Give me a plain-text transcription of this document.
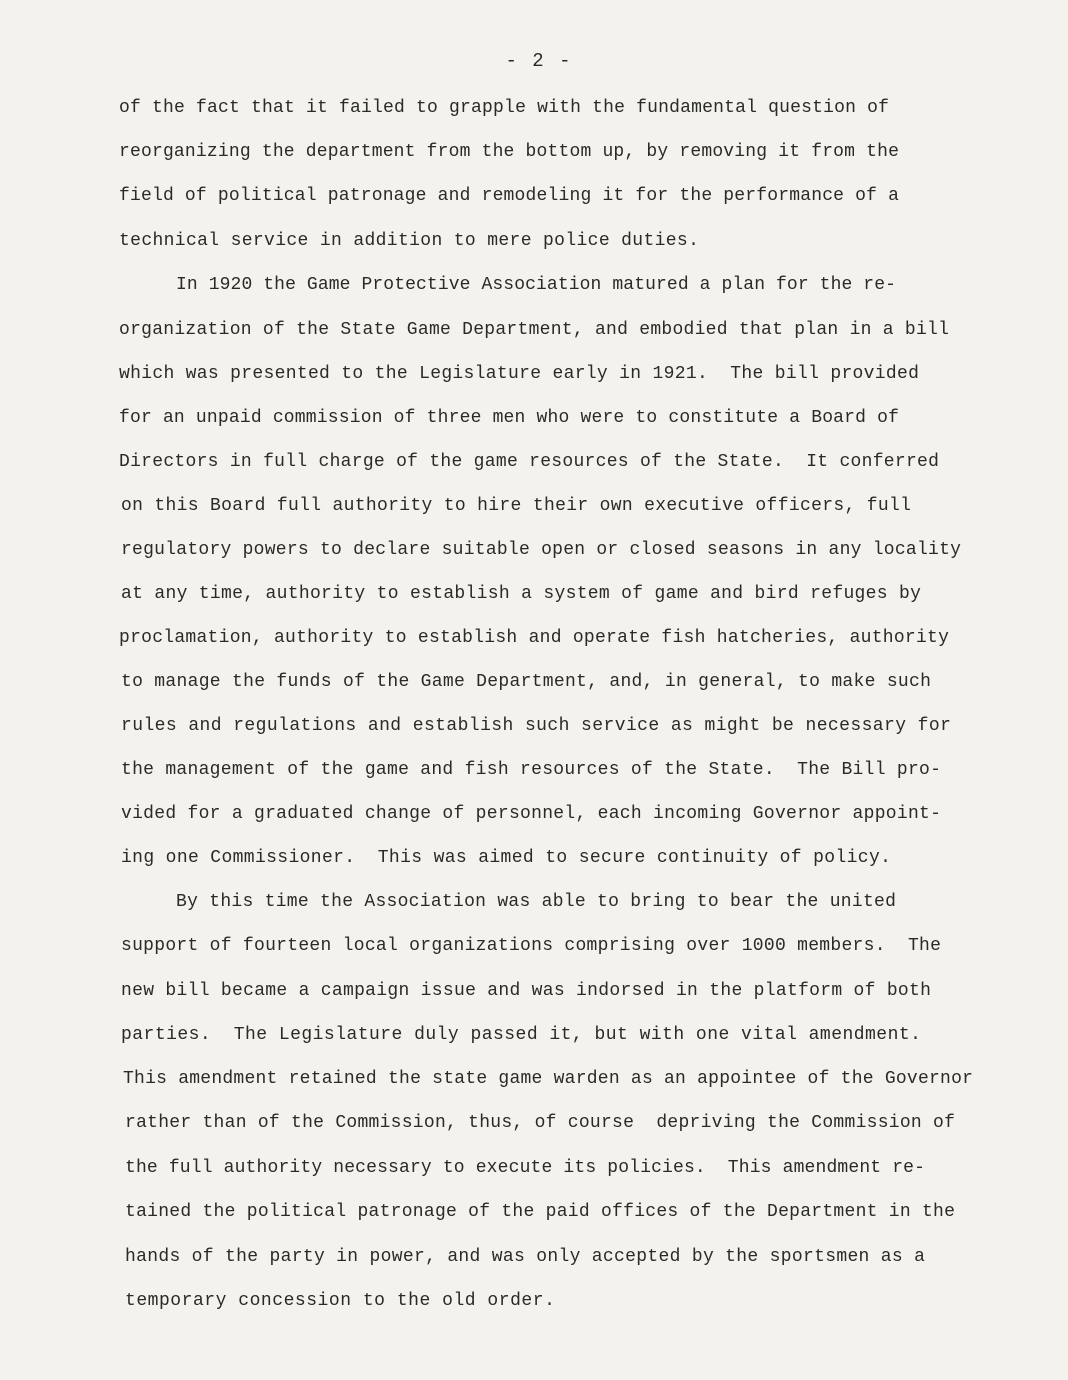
- 2 -
of the fact that it failed to grapple with the fundamental question of
reorganizing the department from the bottom up, by removing it from the
field of political patronage and remodeling it for the performance of a
technical service in addition to mere police duties.
In 1920 the Game Protective Association matured a plan for the re-
organization of the State Game Department, and embodied that plan in a bill
which was presented to the Legislature early in 1921.  The bill provided
for an unpaid commission of three men who were to constitute a Board of
Directors in full charge of the game resources of the State.  It conferred
on this Board full authority to hire their own executive officers, full
regulatory powers to declare suitable open or closed seasons in any locality
at any time, authority to establish a system of game and bird refuges by
proclamation, authority to establish and operate fish hatcheries, authority
to manage the funds of the Game Department, and, in general, to make such
rules and regulations and establish such service as might be necessary for
the management of the game and fish resources of the State.  The Bill pro-
vided for a graduated change of personnel, each incoming Governor appoint-
ing one Commissioner.  This was aimed to secure continuity of policy.
By this time the Association was able to bring to bear the united
support of fourteen local organizations comprising over 1000 members.  The
new bill became a campaign issue and was indorsed in the platform of both
parties.  The Legislature duly passed it, but with one vital amendment.
This amendment retained the state game warden as an appointee of the Governor
rather than of the Commission, thus, of course  depriving the Commission of
the full authority necessary to execute its policies.  This amendment re-
tained the political patronage of the paid offices of the Department in the
hands of the party in power, and was only accepted by the sportsmen as a
temporary concession to the old order.
